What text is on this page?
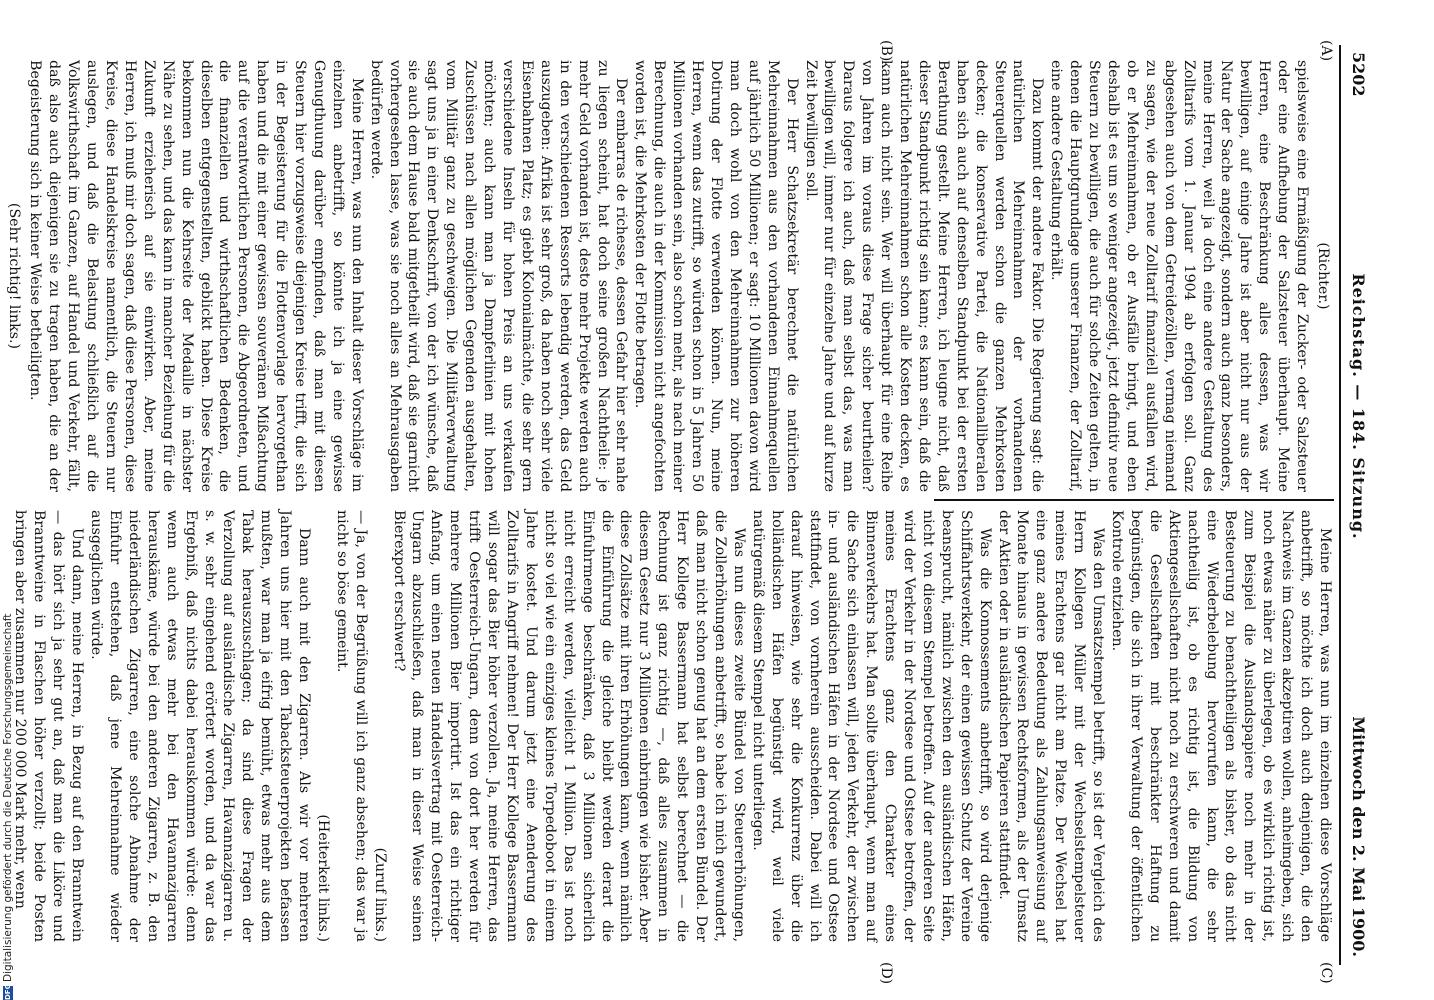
5202
Reichstag. — 184. Sitzung.
Mittwoch den 2. Mai 1900.
(A)
(B)
(C)
(D)

(Richter.)

spielsweise eine Ermäßigung der Zucker- oder Salzsteuer oder eine Aufhebung der Salzsteuer überhaupt. Meine Herren, eine Beschränkung alles dessen, was wir bewilligen, auf einige Jahre ist aber nicht nur aus der Natur der Sache angezeigt, sondern auch ganz besonders, meine Herren, weil ja doch eine andere Gestaltung des Zolltarifs vom 1. Januar 1904 ab erfolgen soll. Ganz abgesehen auch von dem Getreidezöllen, vermag niemand zu sagen, wie der neue Zolltarif finanziell ausfallen wird, ob er Mehreinnahmen, ob er Ausfälle bringt, und eben deshalb ist es um so weniger angezeigt, jetzt definitiv neue Steuern zu bewilligen, die auch für solche Zeiten gelten, in denen die Hauptgrundlage unserer Finanzen, der Zolltarif, eine andere Gestaltung erhält.

Dazu kommt der andere Faktor. Die Regierung sagt: die natürlichen Mehreinnahmen der vorhandenen Steuerquellen werden schon die ganzen Mehrkosten decken; die konservative Partei, die Nationalliberalen haben sich auch auf denselben Standpunkt bei der ersten Berathung gestellt. Meine Herren, ich leugne nicht, daß dieser Standpunkt richtig sein kann; es kann sein, daß die natürlichen Mehreinnahmen schon alle Kosten decken, es kann auch nicht sein. Wer will überhaupt für eine Reihe von Jahren im voraus diese Frage sicher beurtheilen? Daraus folgere ich auch, daß man selbst das, was man bewilligen will, immer nur für einzelne Jahre und auf kurze Zeit bewilligen soll.

Der Herr Schatzsekretär berechnet die natürlichen Mehreinnahmen aus den vorhandenen Einnahmequellen auf jährlich 50 Millionen; er sagt: 10 Millionen davon wird man doch wohl von den Mehreinnahmen zur höheren Dotirung der Flotte verwenden können. Nun, meine Herren, wenn das zutrifft, so würden schon in 5 Jahren 50 Millionen vorhanden sein, also schon mehr, als nach meiner Berechnung, die auch in der Kommission nicht angefochten worden ist, die Mehrkosten der Flotte betragen.

Der embarras de richesse, dessen Gefahr hier sehr nahe zu liegen scheint, hat doch seine großen Nachtheile: je mehr Geld vorhanden ist, desto mehr Projekte werden auch in den verschiedenen Ressorts lebendig werden, das Geld auszugeben: Afrika ist sehr groß, da haben noch sehr viele Eisenbahnen Platz; es giebt Kolonialmächte, die sehr gern verschiedene Inseln für hohen Preis an uns verkaufen möchten; auch kann man ja Dampferlinien mit hohen Zuschüssen nach allen möglichen Gegenden ausgehalten, vom Militär ganz zu geschweigen. Die Militärverwaltung sagt uns ja in einer Denkschrift, von der ich wünsche, daß sie auch dem Hause bald mitgetheilt wird, daß sie garnicht vorhergesehen lasse, was sie noch alles an Mehrausgaben bedürfen werde.

Meine Herren, was nun den Inhalt dieser Vorschläge im einzelnen anbetrifft, so könnte ich ja eine gewisse Genugthuung darüber empfinden, daß man mit diesen Steuern hier vorzugsweise diejenigen Kreise trifft, die sich in der Begeisterung für die Flottenvorlage hervorgethan haben und die mit einer gewissen souveränen Mißachtung auf die verantwortlichen Personen, die Abgeordneten, und die finanziellen und wirthschaftlichen Bedenken, die dieselben entgegenstellten, geblickt haben. Diese Kreise bekommen nun die Kehrseite der Medaille in nächster Nähe zu sehen, und das kann in mancher Beziehung für die Zukunft erzieherisch auf sie einwirken. Aber, meine Herren, ich muß mir doch sagen, daß diese Personen, diese Kreise, diese Handelskreise namentlich, die Steuern nur auslegen, und daß die Belastung schließlich auf die Volkswirthschaft im Ganzen, auf Handel und Verkehr, fällt, daß also auch diejenigen sie zu tragen haben, die an der Begeisterung sich in keiner Weise betheiligten.

(Sehr richtig! links.)

Meine Herren, was nun im einzelnen diese Vorschläge anbetrifft, so möchte ich doch auch denjenigen, die den Nachweis im Ganzen akzeptiren wollen, anheimgeben, sich noch etwas näher zu überlegen, ob es wirklich richtig ist, zum Beispiel die Auslandspapiere noch mehr in der Besteuerung zu benachtheiligen als bisher, ob das nicht eine Wiederbelebung hervorrufen kann, die sehr nachtheilig ist, ob es richtig ist, die Bildung von Aktiengesellschaften nicht noch zu erschweren und damit die Gesellschaften mit beschränkter Haftung zu begünstigen, die sich in ihrer Verwaltung der öffentlichen Kontrole entziehen.

Was den Umsatzstempel betrifft, so ist der Vergleich des Herrn Kollegen Müller mit der Wechselstempelsteuer meines Erachtens gar nicht am Platze. Der Wechsel hat eine ganz andere Bedeutung als Zahlungsanweisung auf Monate hinaus in gewissen Rechtsformen, als der Umsatz der Aktien oder in ausländischen Papieren stattfindet.

Was die Konnossements anbetrifft, so wird derjenige Schiffahrtsverkehr, der einen gewissen Schutz der Vereine beansprucht, nämlich zwischen den ausländischen Häfen, nicht von diesem Stempel betroffen. Auf der anderen Seite wird der Verkehr in der Nordsee und Ostsee betroffen, der meines Erachtens ganz den Charakter eines Binnenverkehrs hat. Man sollte überhaupt, wenn man auf die Sache sich einlassen will, jeden Verkehr, der zwischen in- und ausländischen Häfen in der Nordsee und Ostsee stattfindet, von vornherein ausscheiden. Dabei will ich darauf hinweisen, wie sehr die Konkurrenz über die holländischen Häfen begünstigt wird, weil viele natürgemäß diesem Stempel nicht unterliegen.

Was nun dieses zweite Bündel von Steuererhöhungen, die Zollerhöhungen anbetrifft, so habe ich mich gewundert, daß man nicht schon genug hat an dem ersten Bündel. Der Herr Kollege Bassermann hat selbst berechnet — die Rechnung ist ganz richtig —, daß alles zusammen in diesem Gesetz nur 3 Millionen einbringen wie bisher. Aber diese Zollsätze mit ihren Erhöhungen kann, wenn nämlich die Einführung die gleiche bleibt werden derart die Einfuhrmenge beschränken, daß 3 Millionen sicherlich nicht erreicht werden, vielleicht 1 Million. Das ist noch nicht so viel wie ein einziges kleines Torpedoboot in einem Jahre kostet. Und darum jetzt eine Aenderung des Zolltarifs in Angriff nehmen! Der Herr Kollege Bassermann will sogar das Bier höher verzollen. Ja, meine Herren, das trifft Oesterreich-Ungarn, denn von dort her werden für mehrere Millionen Bier importirt. Ist das ein richtiger Anfang, um einen neuen Handelsvertrag mit Oesterreich-Ungarn abzuschließen, daß man in dieser Weise seinen Bierexport erschwert?

(Zuruf links.)

— Ja, von der Begrüßung will ich ganz absehen; das war ja nicht so böse gemeint.

(Heiterkeit links.)

Dann auch mit den Zigarren. Als wir vor mehreren Jahren uns hier mit den Tabacksteuerprojekten befassen mußten, war man ja eifrig bemüht, etwas mehr aus dem Tabak herauszuschlagen; da sind diese Fragen der Verzollung auf ausländische Zigarren, Havannazigarren u. s. w. sehr eingehend erörtert worden, und da war das Ergebniß, daß nichts dabei herauskommen würde: denn wenn auch etwas mehr bei den Havannazigarren herauskäme, würde bei den anderen Zigarren, z. B. den niederländischen Zigarren, eine solche Abnahme der Einfuhr entstehen, daß jene Mehreinnahme wieder ausgeglichen würde.

Und dann, meine Herren, in Bezug auf den Branntwein — das hört sich ja sehr gut an, daß man die Liköre und Branntweine in Flaschen höher verzollt; beide Posten bringen aber zusammen nur 200 000 Mark mehr, wenn

DFG
Digitalisierung gefördert durch die Deutsche Forschungsgemeinschaft
